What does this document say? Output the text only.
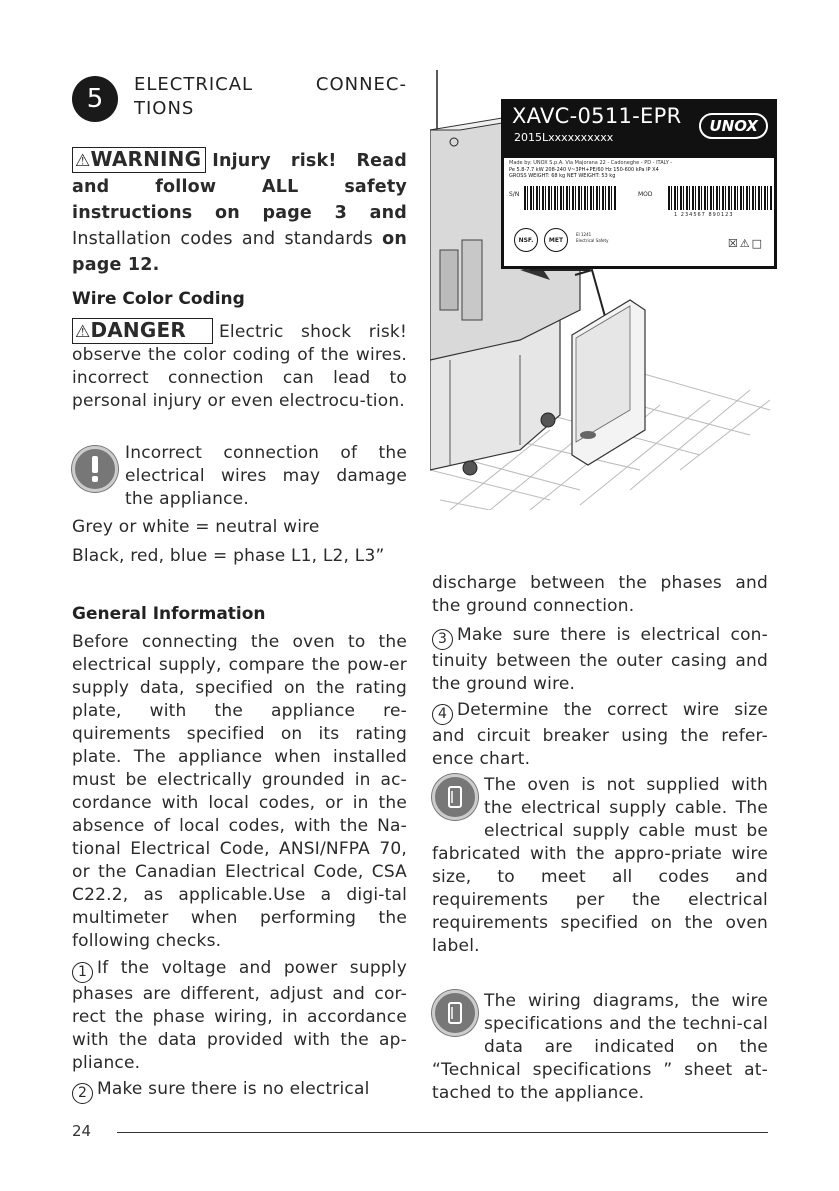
5 ELECTRICAL CONNEC-
TIONS
⚠WARNING Injury risk! Read and follow ALL safety instructions on page 3 and Installation codes and standards on page 12.
Wire Color Coding
⚠DANGER Electric shock risk! observe the color coding of the wires. incorrect connection can lead to personal injury or even electrocu-tion.
Incorrect connection of the electrical wires may damage the appliance.
Grey or white = neutral wire
Black, red, blue = phase L1, L2, L3”
General Information
Before connecting the oven to the electrical supply, compare the pow-er supply data, specified on the rating plate, with the appliance re-quirements specified on its rating plate. The appliance when installed must be electrically grounded in ac-cordance with local codes, or in the absence of local codes, with the Na-tional Electrical Code, ANSI/NFPA 70, or the Canadian Electrical Code, CSA C22.2, as applicable.Use a digi-tal multimeter when performing the following checks.
1 If the voltage and power supply phases are different, adjust and cor-rect the phase wiring, in accordance with the data provided with the ap-pliance.
2 Make sure there is no electrical
XAVC-0511-EPR
2015Lxxxxxxxxxx
UNOX
Made by: UNOX S.p.A. Via Majorana 22 - Cadoneghe - PD - ITALY -
Pe 5.8-7.7 kW 208-240 V~3PH+PE/60 Hz 150-600 kPa IP X4
GROSS WEIGHT: 68 kg NET WEIGHT: 53 kg
S/N	MOD
1 234567 890123
NSF.	MET
EI 1241
Electrical Safety	☒⚠□
discharge between the phases and the ground connection.
3 Make sure there is electrical con-tinuity between the outer casing and the ground wire.
4 Determine the correct wire size and circuit breaker using the refer-ence chart.
The oven is not supplied with the electrical supply cable. The electrical supply cable must be fabricated with the appro-priate wire size, to meet all codes and requirements per the electrical requirements specified on the oven label.
The wiring diagrams, the wire specifications and the techni-cal data are indicated on the “Technical specifications ” sheet at-tached to the appliance.
24
